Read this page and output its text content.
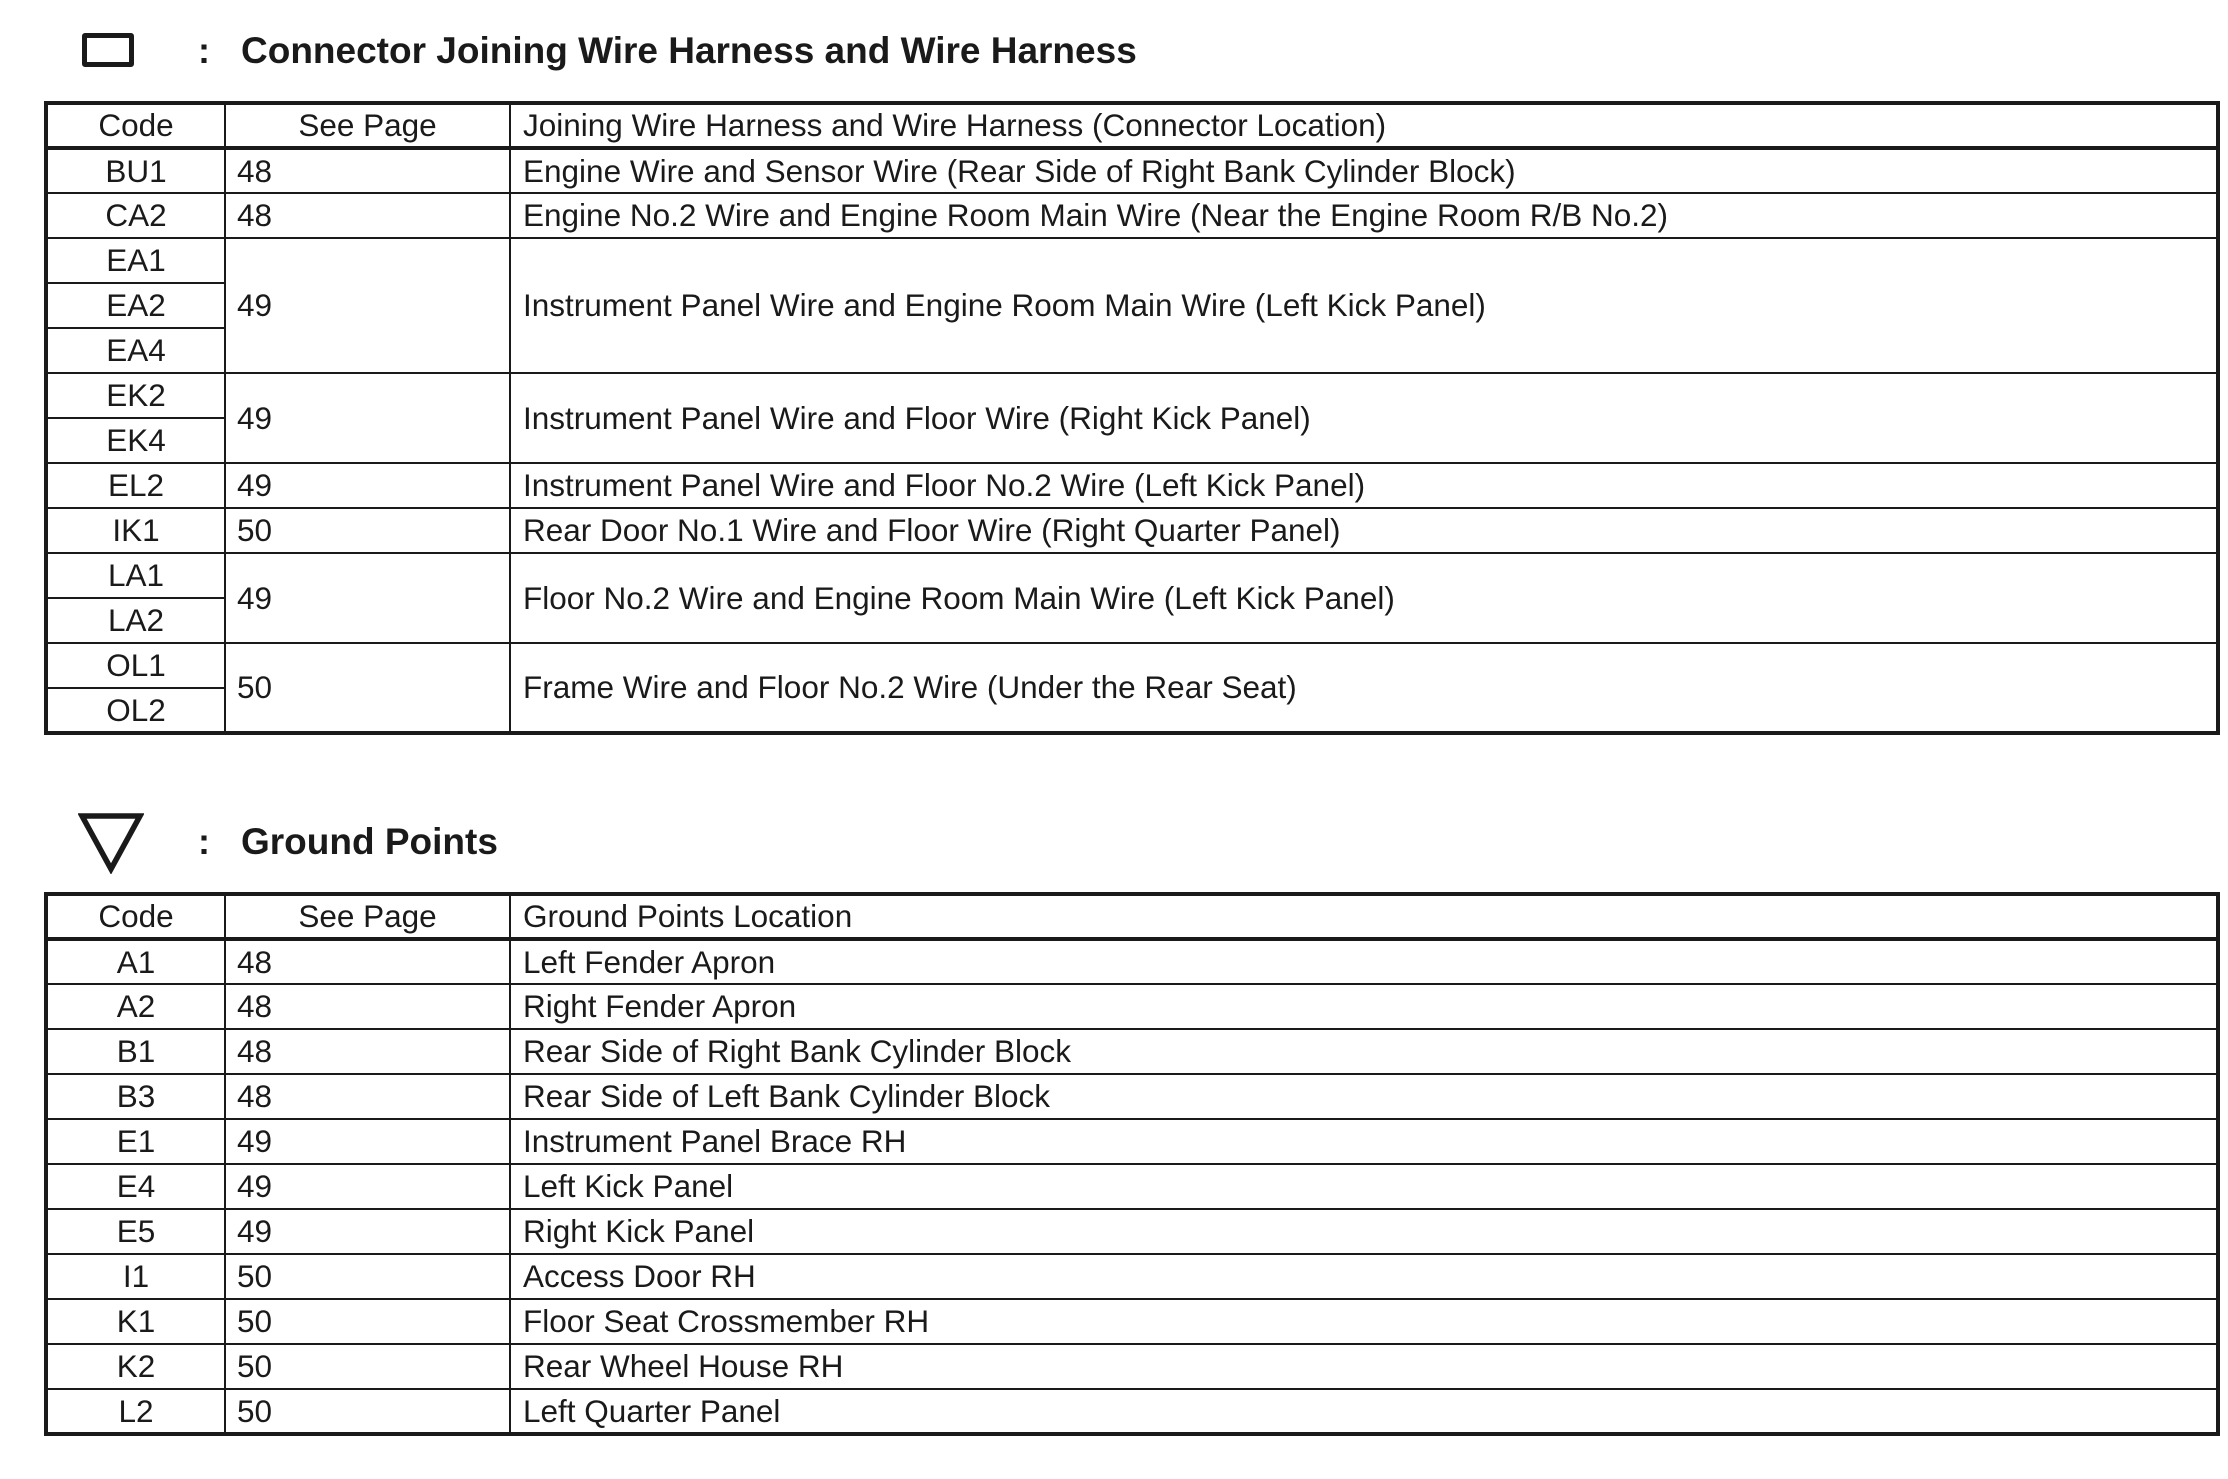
: Connector Joining Wire Harness and Wire Harness
Code	See Page	Joining Wire Harness and Wire Harness (Connector Location)
BU1	48	Engine Wire and Sensor Wire (Rear Side of Right Bank Cylinder Block)
CA2	48	Engine No.2 Wire and Engine Room Main Wire (Near the Engine Room R/B No.2)
EA1	49	Instrument Panel Wire and Engine Room Main Wire (Left Kick Panel)
EA2		
EA4		
EK2	49	Instrument Panel Wire and Floor Wire (Right Kick Panel)
EK4		
EL2	49	Instrument Panel Wire and Floor No.2 Wire (Left Kick Panel)
IK1	50	Rear Door No.1 Wire and Floor Wire (Right Quarter Panel)
LA1	49	Floor No.2 Wire and Engine Room Main Wire (Left Kick Panel)
LA2		
OL1	50	Frame Wire and Floor No.2 Wire (Under the Rear Seat)
OL2		
: Ground Points
Code	See Page	Ground Points Location
A1	48	Left Fender Apron
A2	48	Right Fender Apron
B1	48	Rear Side of Right Bank Cylinder Block
B3	48	Rear Side of Left Bank Cylinder Block
E1	49	Instrument Panel Brace RH
E4	49	Left Kick Panel
E5	49	Right Kick Panel
I1	50	Access Door RH
K1	50	Floor Seat Crossmember RH
K2	50	Rear Wheel House RH
L2	50	Left Quarter Panel
